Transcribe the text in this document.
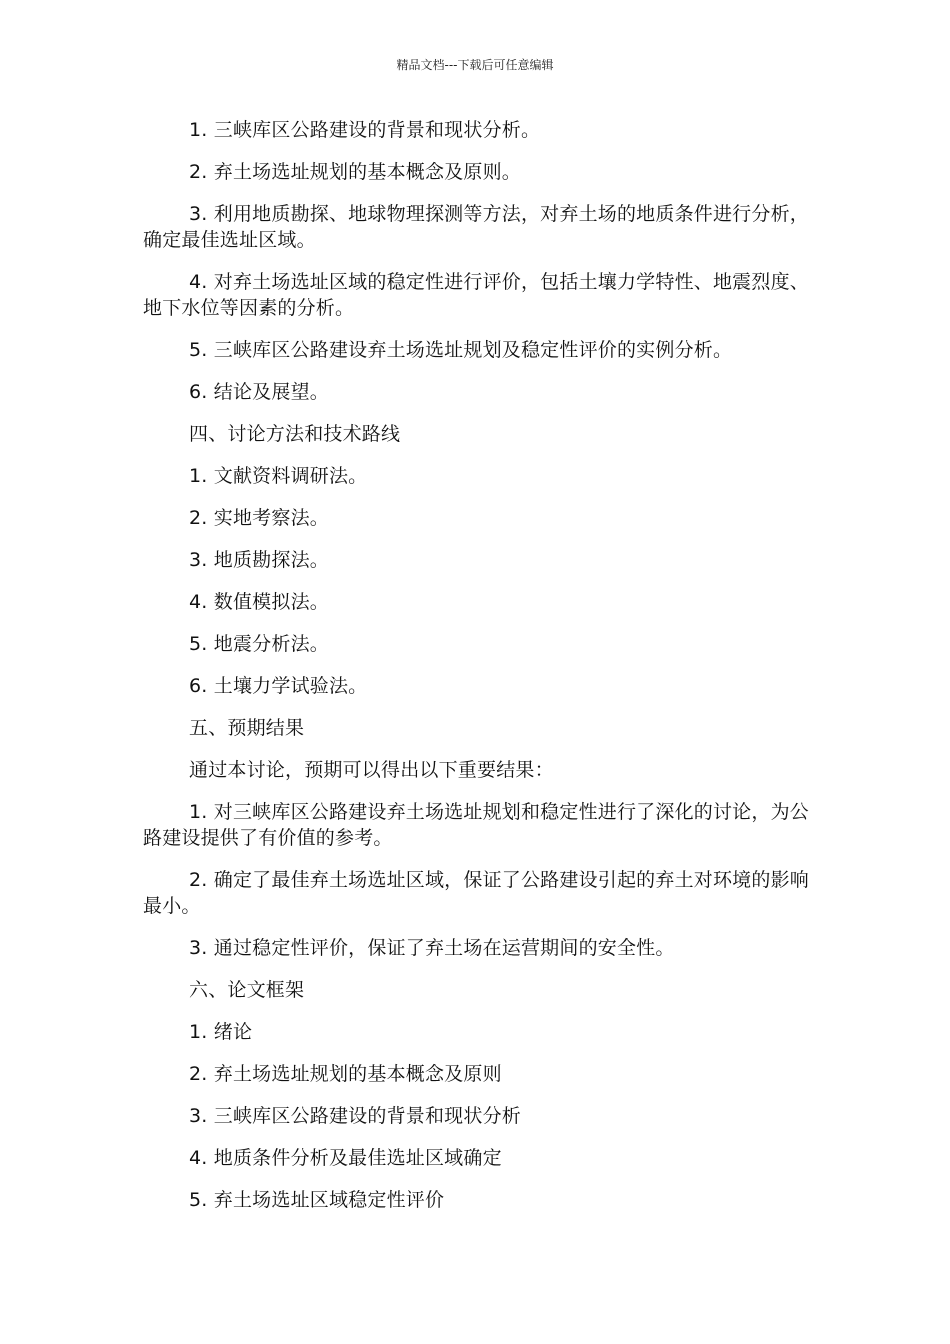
精品文档---下载后可任意编辑

1. 三峡库区公路建设的背景和现状分析。

2. 弃土场选址规划的基本概念及原则。

3. 利用地质勘探、地球物理探测等方法，对弃土场的地质条件进行分析，确定最佳选址区域。

4. 对弃土场选址区域的稳定性进行评价，包括土壤力学特性、地震烈度、地下水位等因素的分析。

5. 三峡库区公路建设弃土场选址规划及稳定性评价的实例分析。

6. 结论及展望。

四、讨论方法和技术路线

1. 文献资料调研法。

2. 实地考察法。

3. 地质勘探法。

4. 数值模拟法。

5. 地震分析法。

6. 土壤力学试验法。

五、预期结果

通过本讨论，预期可以得出以下重要结果：

1. 对三峡库区公路建设弃土场选址规划和稳定性进行了深化的讨论，为公路建设提供了有价值的参考。

2. 确定了最佳弃土场选址区域，保证了公路建设引起的弃土对环境的影响最小。

3. 通过稳定性评价，保证了弃土场在运营期间的安全性。

六、论文框架

1. 绪论

2. 弃土场选址规划的基本概念及原则

3. 三峡库区公路建设的背景和现状分析

4. 地质条件分析及最佳选址区域确定

5. 弃土场选址区域稳定性评价
